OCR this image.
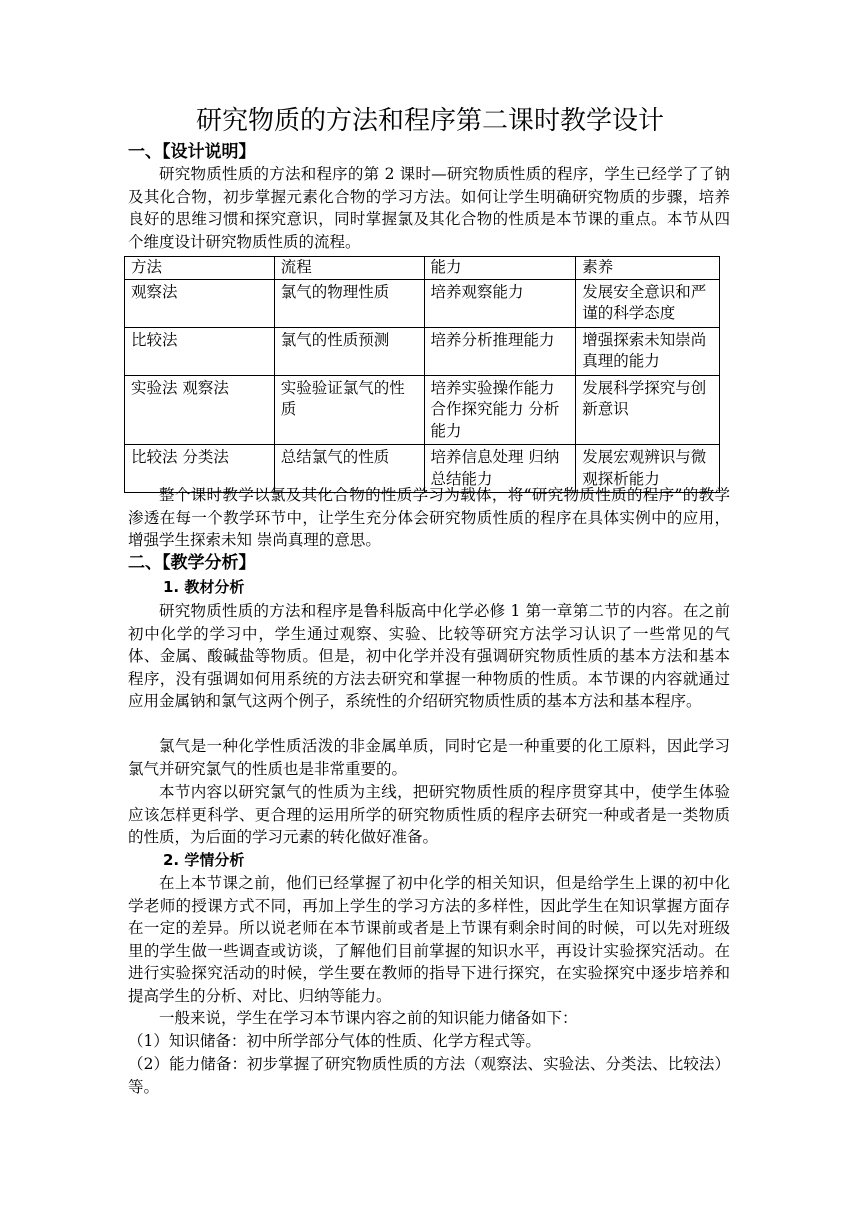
研究物质的方法和程序第二课时教学设计
一、【设计说明】

研究物质性质的方法和程序的第 2 课时—研究物质性质的程序，学生已经学了了钠及其化合物，初步掌握元素化合物的学习方法。如何让学生明确研究物质的步骤，培养良好的思维习惯和探究意识，同时掌握氯及其化合物的性质是本节课的重点。本节从四个维度设计研究物质性质的流程。

方法	流程	能力	素养
观察法	氯气的物理性质	培养观察能力	发展安全意识和严谨的科学态度
比较法	氯气的性质预测	培养分析推理能力	增强探索未知崇尚真理的能力
实验法 观察法	实验验证氯气的性质	培养实验操作能力合作探究能力 分析能力	发展科学探究与创新意识
比较法 分类法	总结氯气的性质	培养信息处理 归纳总结能力	发展宏观辨识与微观探析能力

整个课时教学以氯及其化合物的性质学习为载体，将“研究物质性质的程序”的教学渗透在每一个教学环节中，让学生充分体会研究物质性质的程序在具体实例中的应用，增强学生探索未知 崇尚真理的意思。

二、【教学分析】
1. 教材分析

研究物质性质的方法和程序是鲁科版高中化学必修 1 第一章第二节的内容。在之前初中化学的学习中，学生通过观察、实验、比较等研究方法学习认识了一些常见的气体、金属、酸碱盐等物质。但是，初中化学并没有强调研究物质性质的基本方法和基本程序，没有强调如何用系统的方法去研究和掌握一种物质的性质。本节课的内容就通过应用金属钠和氯气这两个例子，系统性的介绍研究物质性质的基本方法和基本程序。

氯气是一种化学性质活泼的非金属单质，同时它是一种重要的化工原料，因此学习氯气并研究氯气的性质也是非常重要的。

本节内容以研究氯气的性质为主线，把研究物质性质的程序贯穿其中，使学生体验应该怎样更科学、更合理的运用所学的研究物质性质的程序去研究一种或者是一类物质的性质，为后面的学习元素的转化做好准备。

2. 学情分析

在上本节课之前，他们已经掌握了初中化学的相关知识，但是给学生上课的初中化学老师的授课方式不同，再加上学生的学习方法的多样性，因此学生在知识掌握方面存在一定的差异。所以说老师在本节课前或者是上节课有剩余时间的时候，可以先对班级里的学生做一些调查或访谈，了解他们目前掌握的知识水平，再设计实验探究活动。在进行实验探究活动的时候，学生要在教师的指导下进行探究，在实验探究中逐步培养和提高学生的分析、对比、归纳等能力。

一般来说，学生在学习本节课内容之前的知识能力储备如下：

（1）知识储备：初中所学部分气体的性质、化学方程式等。

（2）能力储备：初步掌握了研究物质性质的方法（观察法、实验法、分类法、比较法）等。
